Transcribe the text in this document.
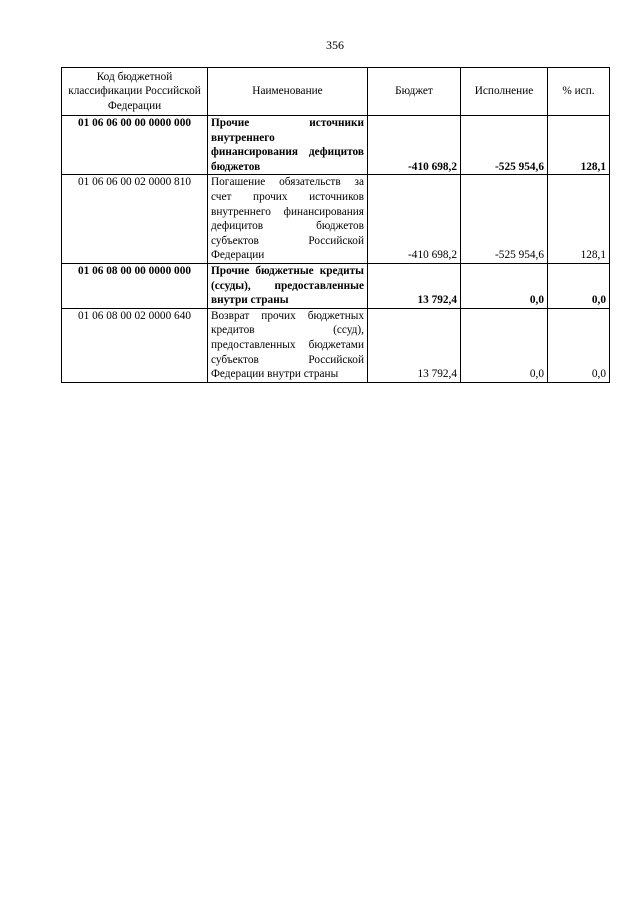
356
Код бюджетной классификации Российской Федерации	Наименование	Бюджет	Исполнение	% исп.
01 06 06 00 00 0000 000	Прочие источники внутреннего финансирования дефицитов бюджетов	-410 698,2	-525 954,6	128,1
01 06 06 00 02 0000 810	Погашение обязательств за счет прочих источников внутреннего финансирования дефицитов бюджетов субъектов Российской Федерации	-410 698,2	-525 954,6	128,1
01 06 08 00 00 0000 000	Прочие бюджетные кредиты (ссуды), предоставленные внутри страны	13 792,4	0,0	0,0
01 06 08 00 02 0000 640	Возврат прочих бюджетных кредитов (ссуд), предоставленных бюджетами субъектов Российской Федерации внутри страны	13 792,4	0,0	0,0
